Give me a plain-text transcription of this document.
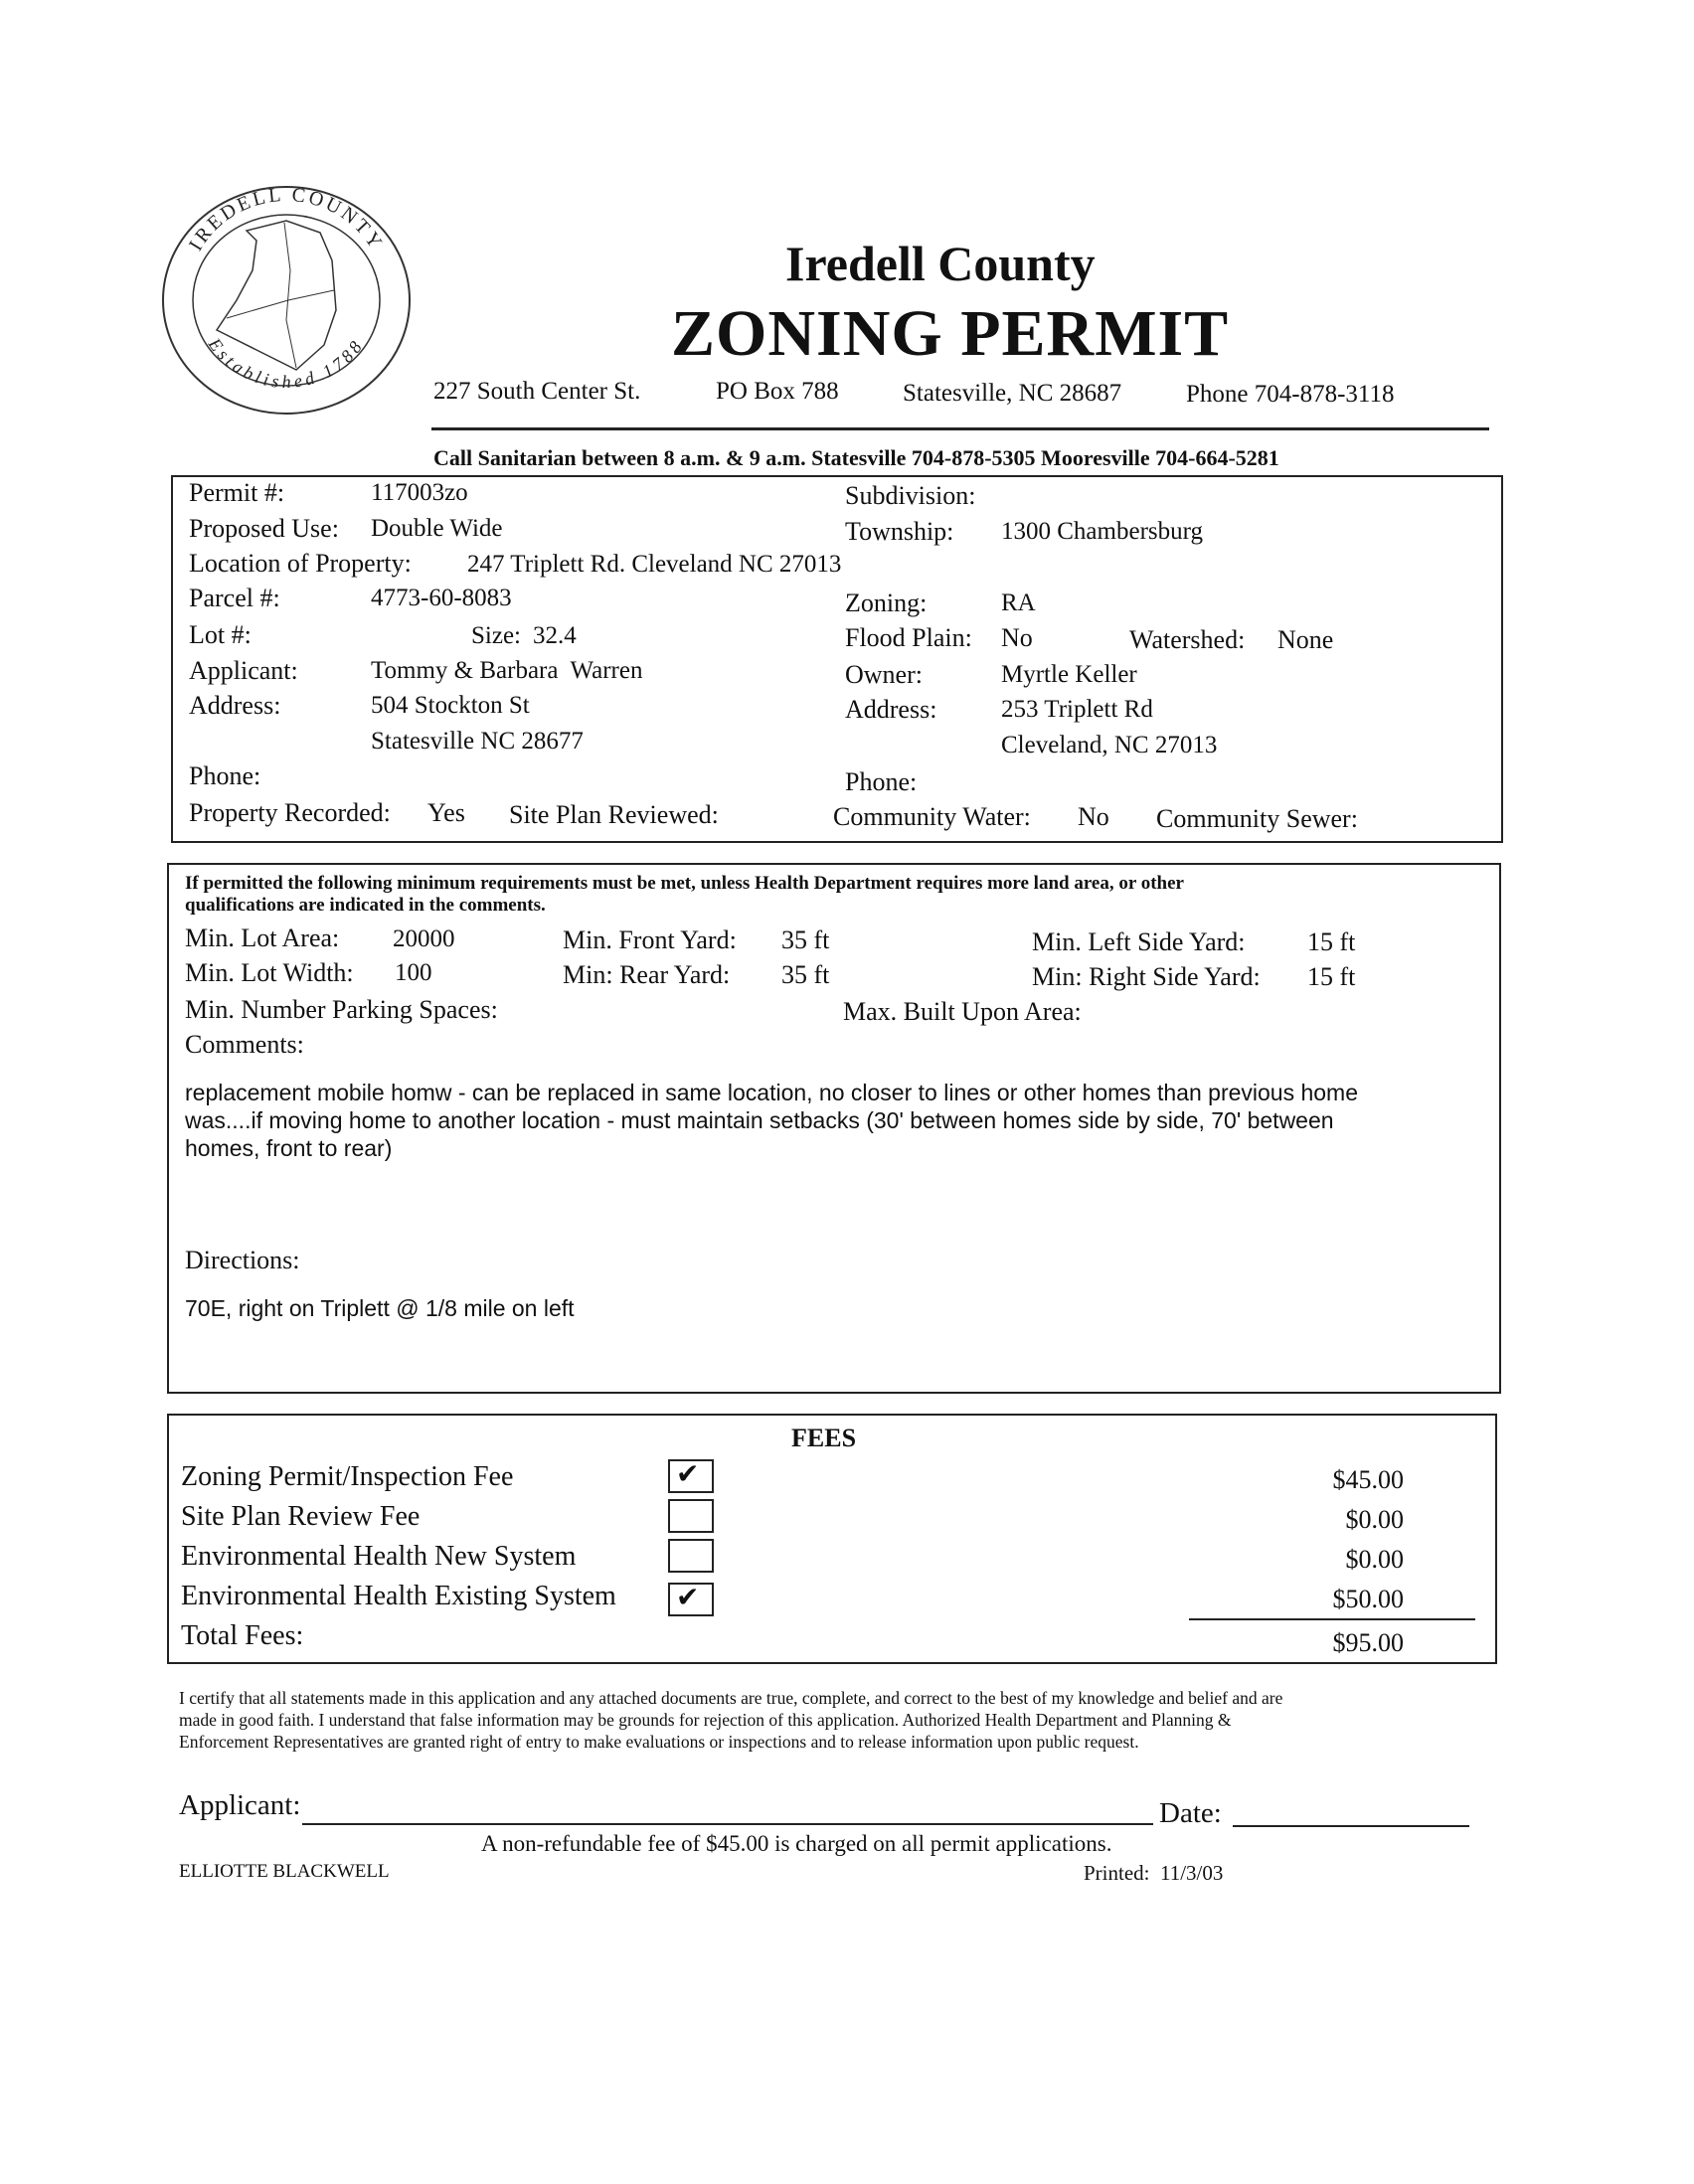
IREDELL COUNTY
Established 1788
Iredell County
ZONING PERMIT
227 South Center St.	PO Box 788	Statesville, NC 28687	Phone 704-878-3118
Call Sanitarian between 8 a.m. & 9 a.m. Statesville 704-878-5305 Mooresville 704-664-5281
Permit #:	117003zo	Subdivision:
Proposed Use: Double Wide	Township: 1300 Chambersburg
Location of Property: 247 Triplett Rd. Cleveland NC 27013
Parcel #:	4773-60-8083	Zoning:	RA
Lot #:	Size: 32.4	Flood Plain: No	Watershed: None
Applicant:	Tommy & Barbara  Warren	Owner:	Myrtle Keller
Address:	504 Stockton St	Address:	253 Triplett Rd
Statesville NC 28677	Cleveland, NC 27013
Phone:	Phone:
Property Recorded: Yes Site Plan Reviewed:	Community Water: No Community Sewer:
If permitted the following minimum requirements must be met, unless Health Department requires more land area, or other
qualifications are indicated in the comments.
Min. Lot Area: 20000	Min. Front Yard: 35 ft	Min. Left Side Yard: 15 ft
Min. Lot Width: 100	Min: Rear Yard: 35 ft	Min: Right Side Yard: 15 ft
Min. Number Parking Spaces:	Max. Built Upon Area:
Comments:
replacement mobile homw - can be replaced in same location, no closer to lines or other homes than previous home
was....if moving home to another location - must maintain setbacks (30' between homes side by side, 70' between
homes, front to rear)
Directions:
70E, right on Triplett @ 1/8 mile on left
FEES
Zoning Permit/Inspection Fee	✔	$45.00
Site Plan Review Fee	$0.00
Environmental Health New System	$0.00
Environmental Health Existing System ✔	$50.00
Total Fees:	$95.00
I certify that all statements made in this application and any attached documents are true, complete, and correct to the best of my knowledge and belief and are
made in good faith. I understand that false information may be grounds for rejection of this application. Authorized Health Department and Planning &
Enforcement Representatives are granted right of entry to make evaluations or inspections and to release information upon public request.
Applicant:	Date:
A non-refundable fee of $45.00 is charged on all permit applications.
ELLIOTTE BLACKWELL	Printed:  11/3/03
